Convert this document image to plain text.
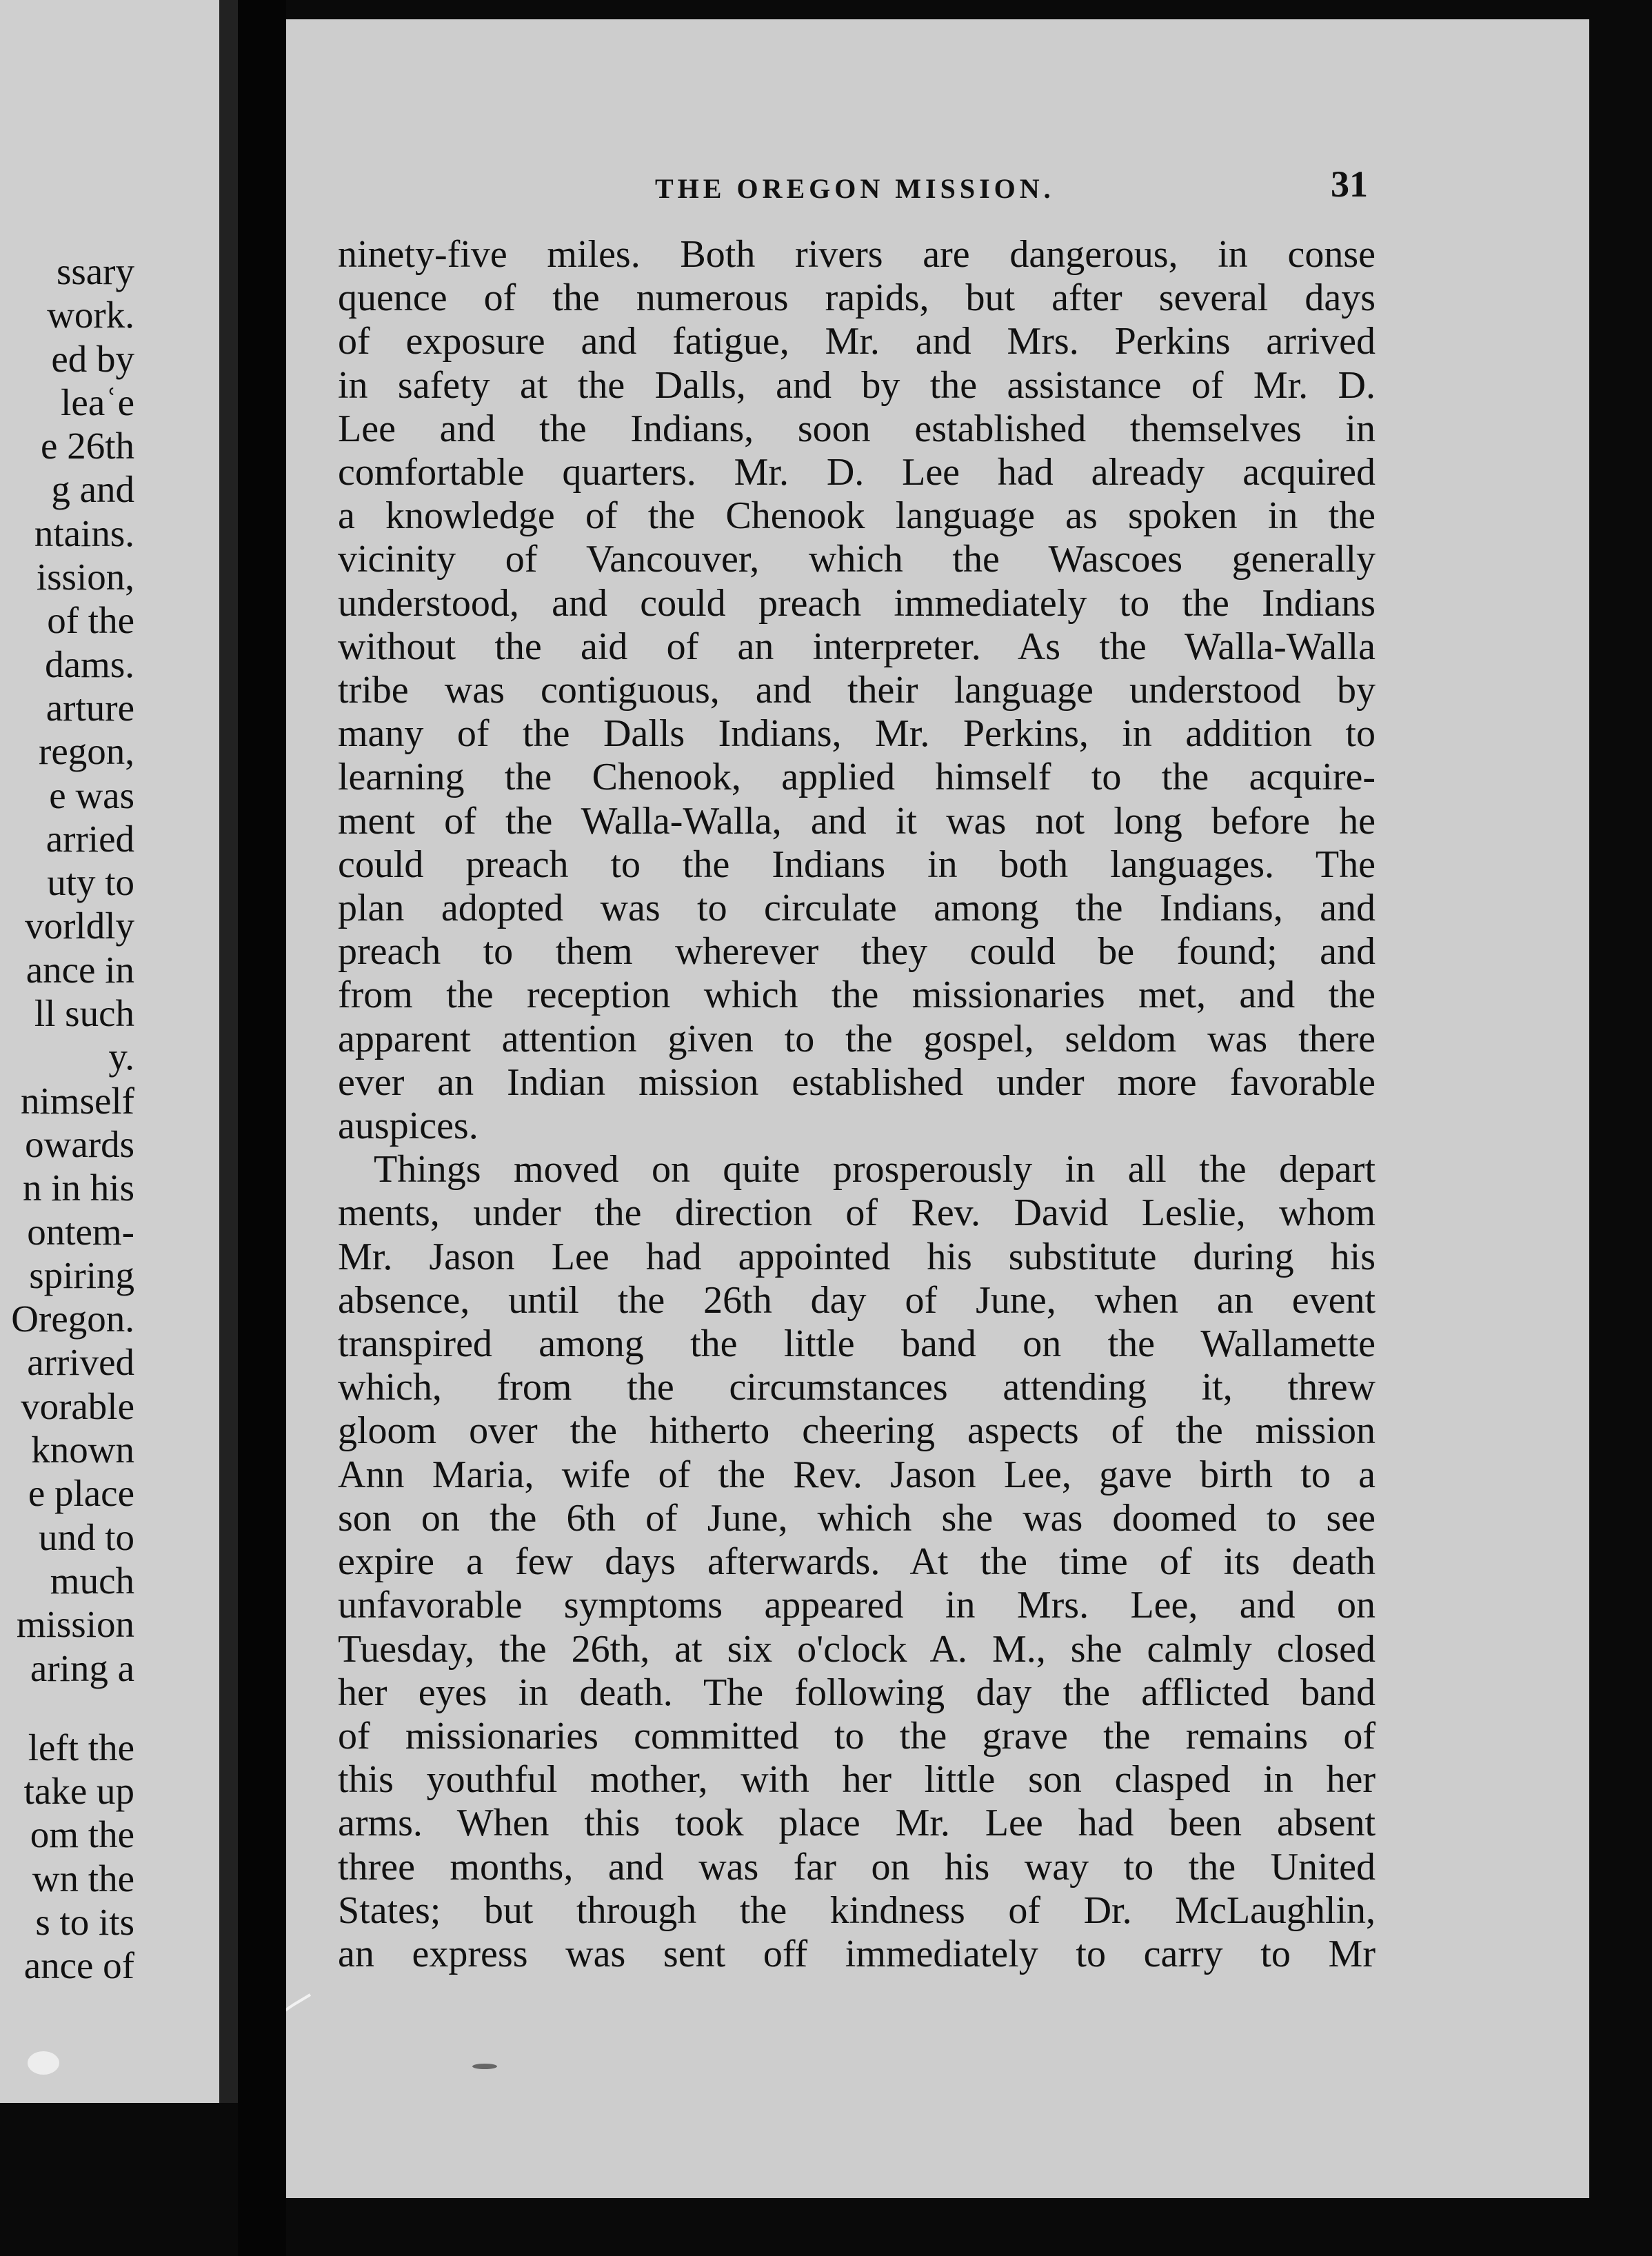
ssary
work.
ed by
leaʿe
e 26th
g and
ntains.
ission,
of the
dams.
arture
regon,
e was
arried
uty to
vorldly
ance in
ll such
y.
nimself
owards
n in his
ontem-
spiring
Oregon.
arrived
vorable
known
e place
und to
much
mission
aring a
left the
take up
om the
wn the
s to its
ance of
THE OREGON MISSION.	31
ninety-five miles. Both rivers are dangerous, in conse
quence of the numerous rapids, but after several days
of exposure and fatigue, Mr. and Mrs. Perkins arrived
in safety at the Dalls, and by the assistance of Mr. D.
Lee and the Indians, soon established themselves in
comfortable quarters. Mr. D. Lee had already acquired
a knowledge of the Chenook language as spoken in the
vicinity of Vancouver, which the Wascoes generally
understood, and could preach immediately to the Indians
without the aid of an interpreter. As the Walla-Walla
tribe was contiguous, and their language understood by
many of the Dalls Indians, Mr. Perkins, in addition to
learning the Chenook, applied himself to the acquire-
ment of the Walla-Walla, and it was not long before he
could preach to the Indians in both languages. The
plan adopted was to circulate among the Indians, and
preach to them wherever they could be found; and
from the reception which the missionaries met, and the
apparent attention given to the gospel, seldom was there
ever an Indian mission established under more favorable
auspices.
Things moved on quite prosperously in all the depart
ments, under the direction of Rev. David Leslie, whom
Mr. Jason Lee had appointed his substitute during his
absence, until the 26th day of June, when an event
transpired among the little band on the Wallamette
which, from the circumstances attending it, threw
gloom over the hitherto cheering aspects of the mission
Ann Maria, wife of the Rev. Jason Lee, gave birth to a
son on the 6th of June, which she was doomed to see
expire a few days afterwards. At the time of its death
unfavorable symptoms appeared in Mrs. Lee, and on
Tuesday, the 26th, at six o'clock A. M., she calmly closed
her eyes in death. The following day the afflicted band
of missionaries committed to the grave the remains of
this youthful mother, with her little son clasped in her
arms. When this took place Mr. Lee had been absent
three months, and was far on his way to the United
States; but through the kindness of Dr. McLaughlin,
an express was sent off immediately to carry to Mr
